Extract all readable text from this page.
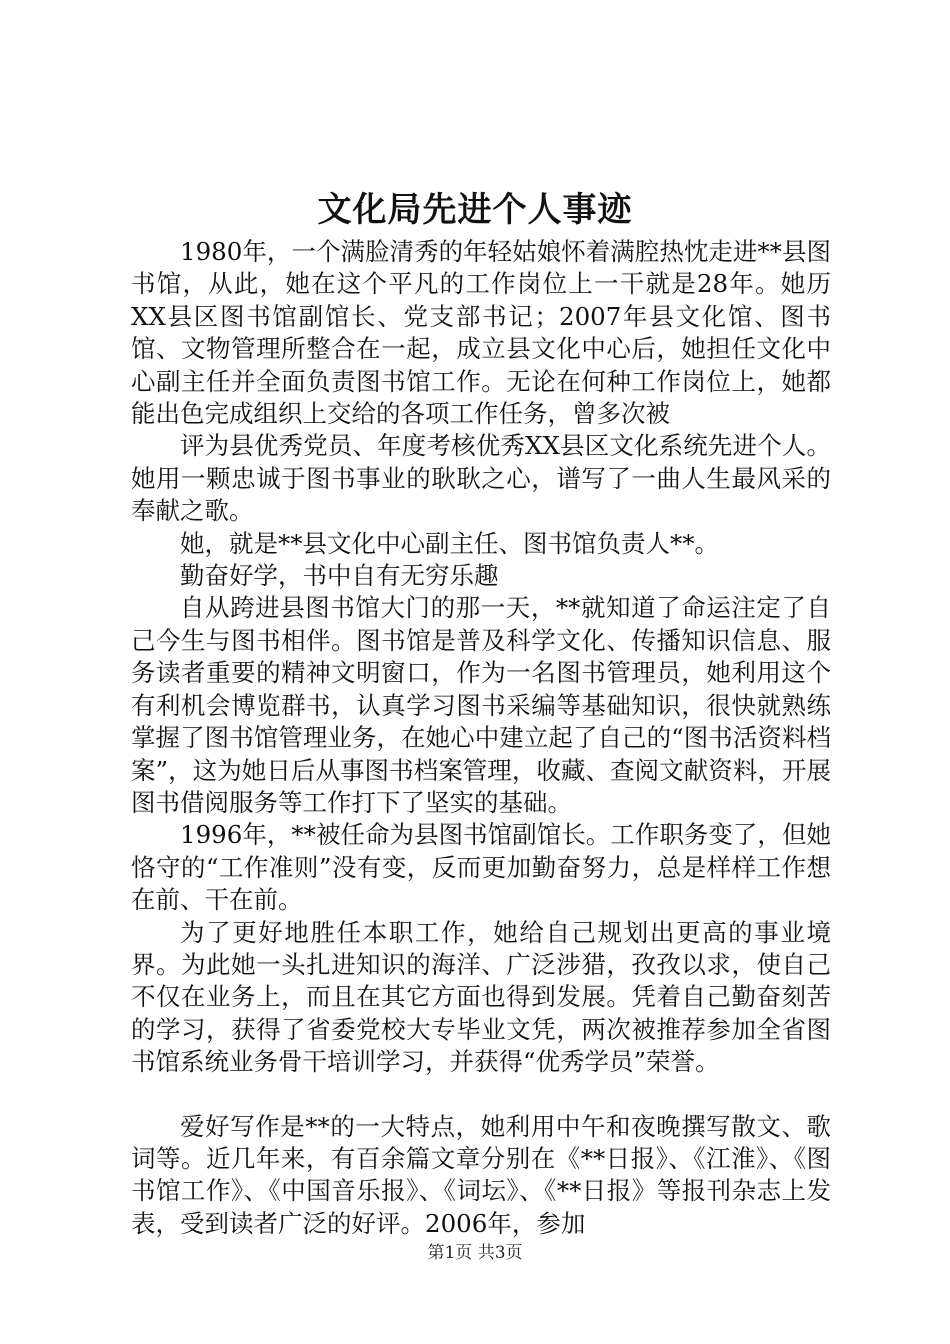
文化局先进个人事迹

1980年，一个满脸清秀的年轻姑娘怀着满腔热忱走进**县图书馆，从此，她在这个平凡的工作岗位上一干就是28年。她历XX县区图书馆副馆长、党支部书记；2007年县文化馆、图书馆、文物管理所整合在一起，成立县文化中心后，她担任文化中心副主任并全面负责图书馆工作。无论在何种工作岗位上，她都能出色完成组织上交给的各项工作任务，曾多次被

评为县优秀党员、年度考核优秀XX县区文化系统先进个人。她用一颗忠诚于图书事业的耿耿之心，谱写了一曲人生最风采的奉献之歌。

她，就是**县文化中心副主任、图书馆负责人**。

勤奋好学，书中自有无穷乐趣

自从跨进县图书馆大门的那一天，**就知道了命运注定了自己今生与图书相伴。图书馆是普及科学文化、传播知识信息、服务读者重要的精神文明窗口，作为一名图书管理员，她利用这个有利机会博览群书，认真学习图书采编等基础知识，很快就熟练掌握了图书馆管理业务，在她心中建立起了自己的“图书活资料档案”，这为她日后从事图书档案管理，收藏、查阅文献资料，开展图书借阅服务等工作打下了坚实的基础。

1996年，**被任命为县图书馆副馆长。工作职务变了，但她恪守的“工作准则”没有变，反而更加勤奋努力，总是样样工作想在前、干在前。

为了更好地胜任本职工作，她给自己规划出更高的事业境界。为此她一头扎进知识的海洋、广泛涉猎，孜孜以求，使自己不仅在业务上，而且在其它方面也得到发展。凭着自己勤奋刻苦的学习，获得了省委党校大专毕业文凭，两次被推荐参加全省图书馆系统业务骨干培训学习，并获得“优秀学员”荣誉。

爱好写作是**的一大特点，她利用中午和夜晚撰写散文、歌词等。近几年来，有百余篇文章分别在《**日报》、《江淮》、《图书馆工作》、《中国音乐报》、《词坛》、《**日报》等报刊杂志上发表，受到读者广泛的好评。2006年，参加

第1页 共3页
